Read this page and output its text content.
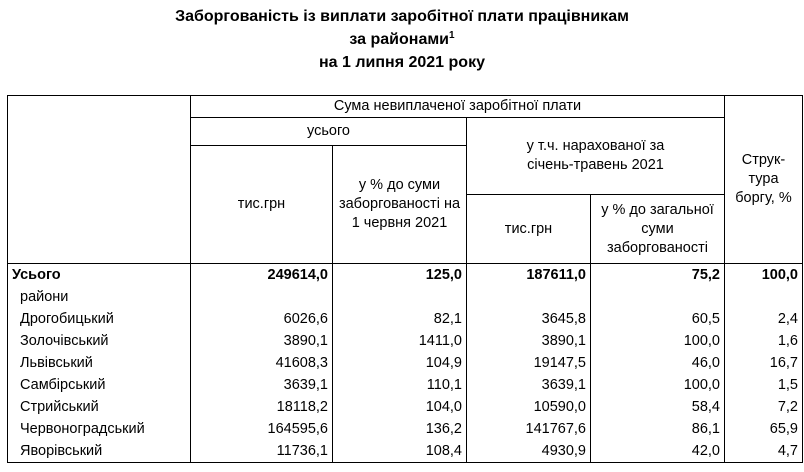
Заборгованість із виплати заробітної плати працівникам
за районами$^1$
на 1 липня 2021 року
	Сума невиплаченої заробітної плати				Струк-тура боргу, %
	усього		у т.ч. нарахованої за січень-травень 2021		
	тис.грн	у % до суми заборгованості на 1 червня 2021			
			тис.грн	у % до загальної суми заборгованості	
Усього	249614,0	125,0	187611,0	75,2	100,0
райони					
Дрогобицький	6026,6	82,1	3645,8	60,5	2,4
Золочівський	3890,1	1411,0	3890,1	100,0	1,6
Львівський	41608,3	104,9	19147,5	46,0	16,7
Самбірський	3639,1	110,1	3639,1	100,0	1,5
Стрийський	18118,2	104,0	10590,0	58,4	7,2
Червоноградський	164595,6	136,2	141767,6	86,1	65,9
Яворівський	11736,1	108,4	4930,9	42,0	4,7
